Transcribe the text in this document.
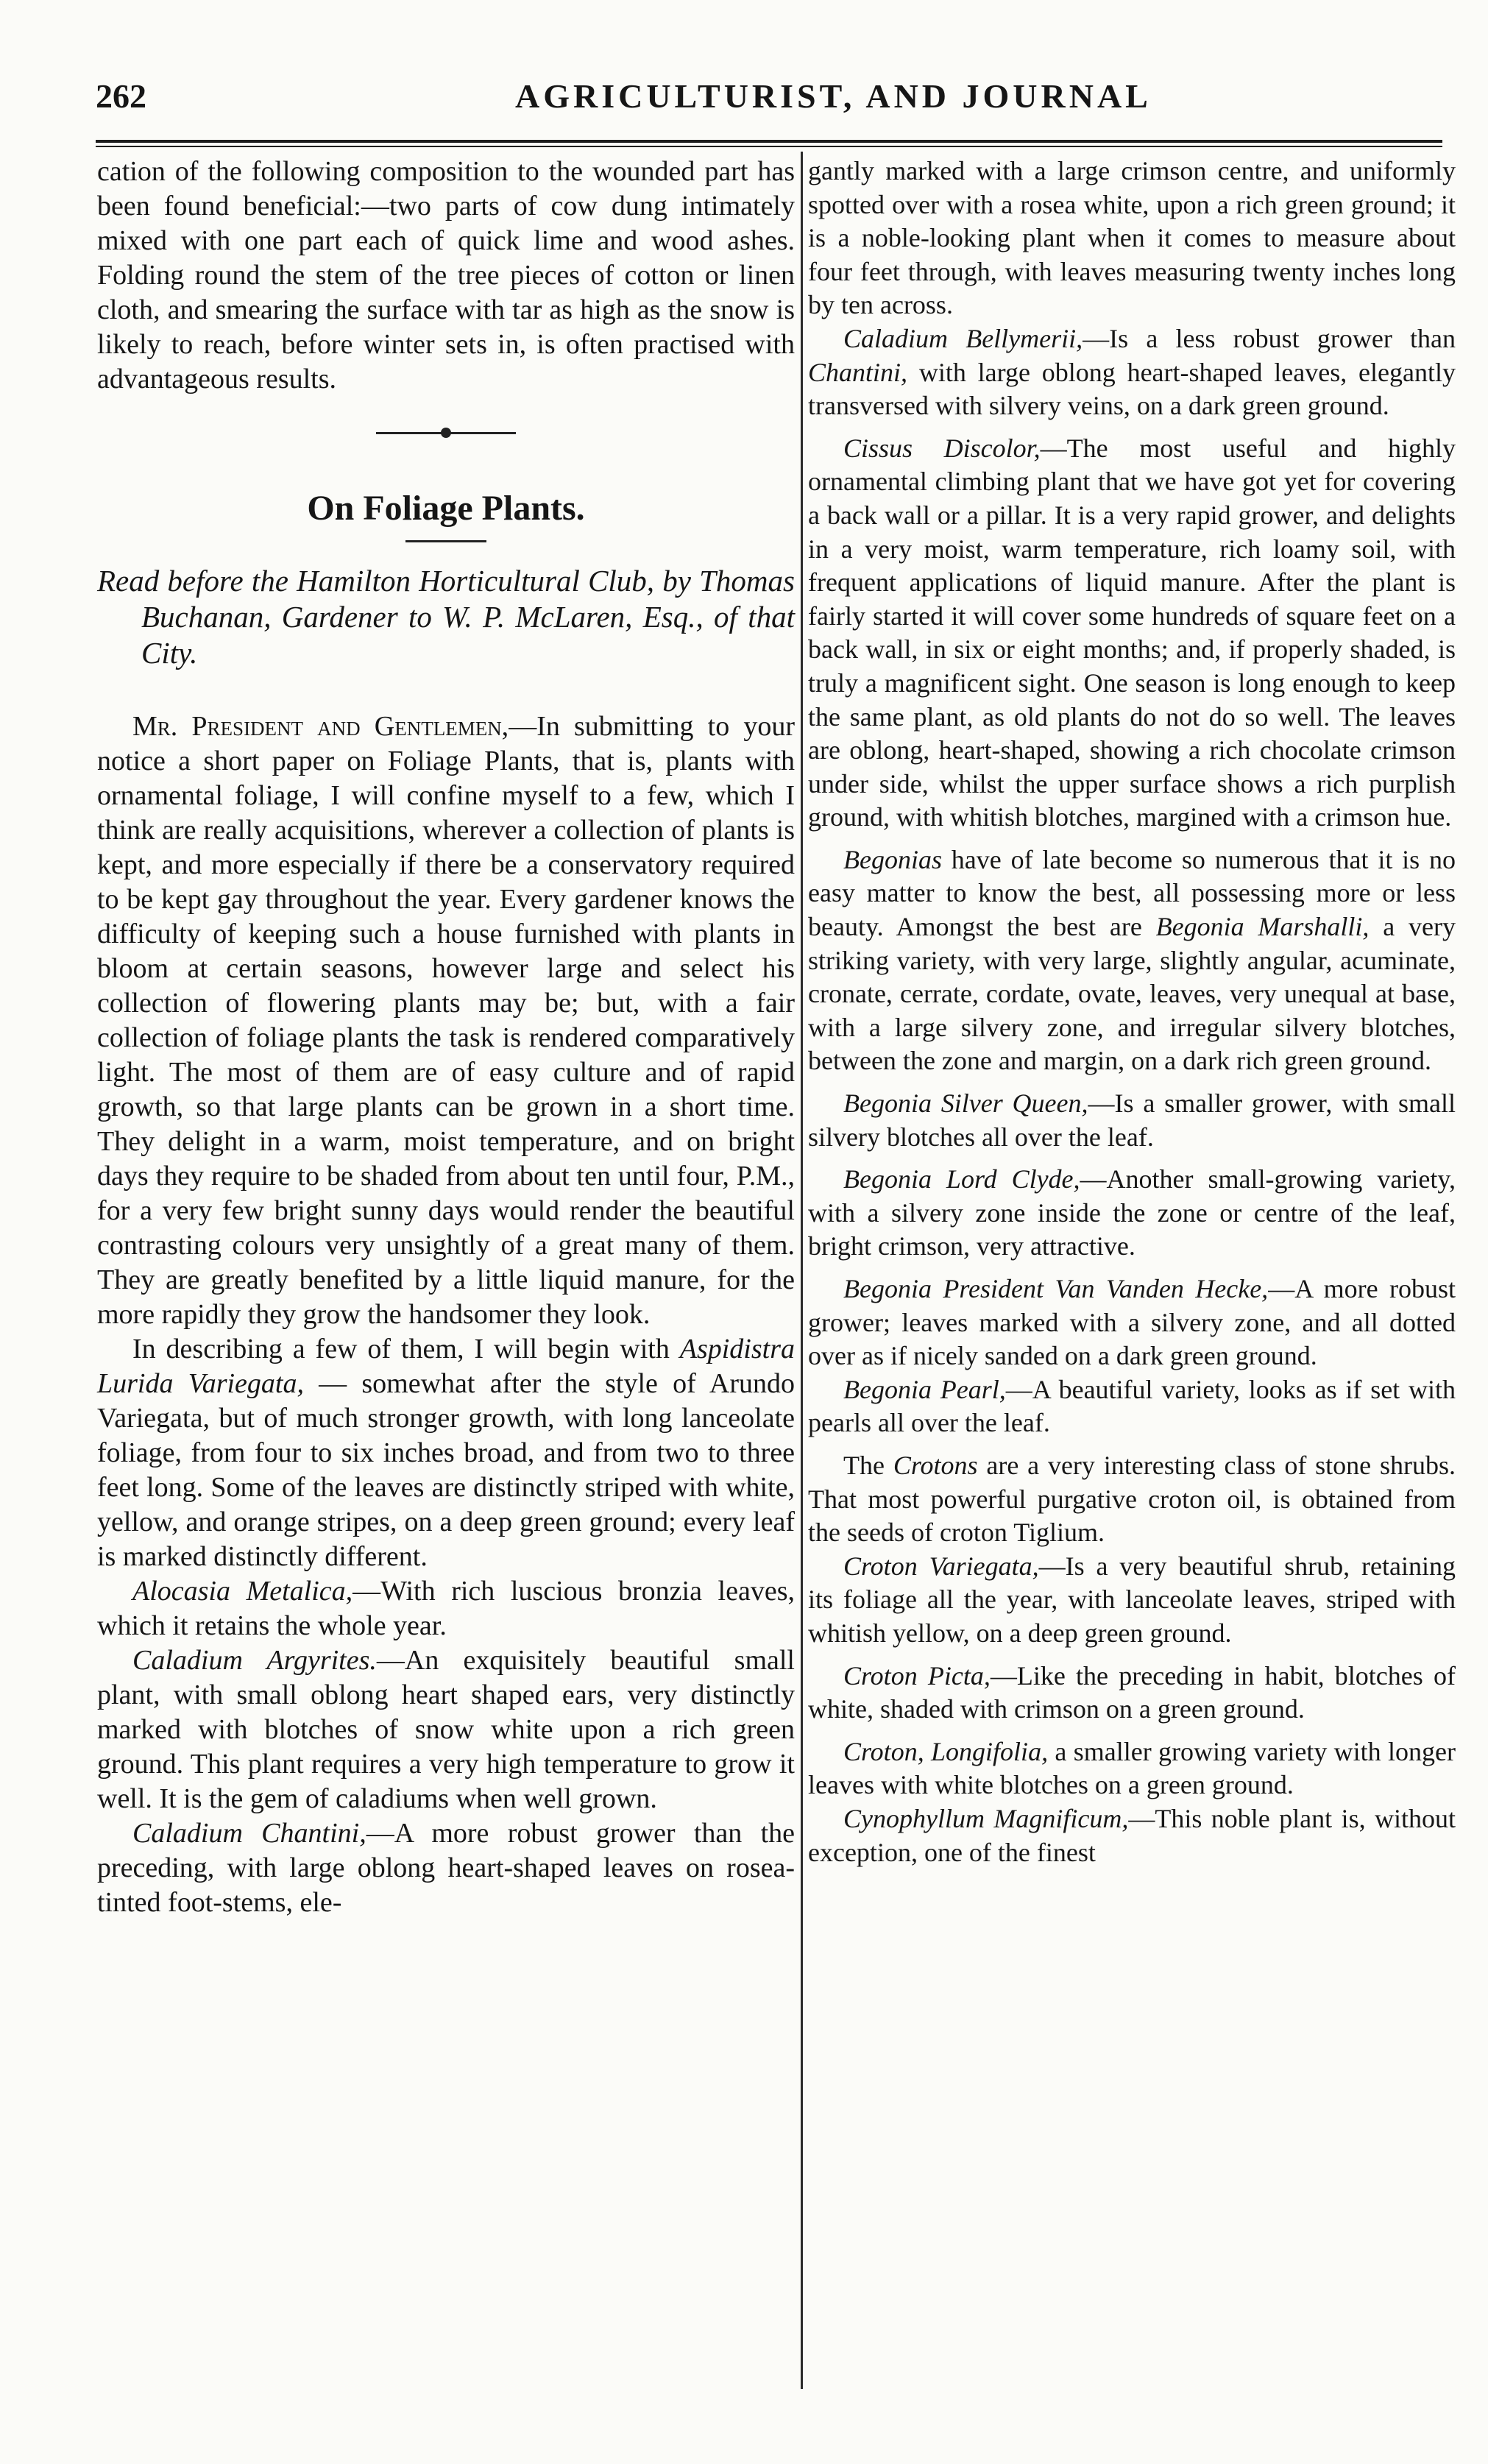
262	AGRICULTURIST, AND JOURNAL

cation of the following composition to the wounded part has been found beneficial:—two parts of cow dung intimately mixed with one part each of quick lime and wood ashes. Folding round the stem of the tree pieces of cotton or linen cloth, and smearing the surface with tar as high as the snow is likely to reach, before winter sets in, is often practised with advantageous results.

On Foliage Plants.

Read before the Hamilton Horticultural Club, by Thomas Buchanan, Gardener to W. P. McLaren, Esq., of that City.

Mr. President and Gentlemen,—In submitting to your notice a short paper on Foliage Plants, that is, plants with ornamental foliage, I will confine myself to a few, which I think are really acquisitions, wherever a collection of plants is kept, and more especially if there be a conservatory required to be kept gay throughout the year. Every gardener knows the difficulty of keeping such a house furnished with plants in bloom at certain seasons, however large and select his collection of flowering plants may be; but, with a fair collection of foliage plants the task is rendered comparatively light. The most of them are of easy culture and of rapid growth, so that large plants can be grown in a short time. They delight in a warm, moist temperature, and on bright days they require to be shaded from about ten until four, P.M., for a very few bright sunny days would render the beautiful contrasting colours very unsightly of a great many of them. They are greatly benefited by a little liquid manure, for the more rapidly they grow the handsomer they look.

In describing a few of them, I will begin with Aspidistra Lurida Variegata, — somewhat after the style of Arundo Variegata, but of much stronger growth, with long lanceolate foliage, from four to six inches broad, and from two to three feet long. Some of the leaves are distinctly striped with white, yellow, and orange stripes, on a deep green ground; every leaf is marked distinctly different.

Alocasia Metalica,—With rich luscious bronzia leaves, which it retains the whole year.

Caladium Argyrites.—An exquisitely beautiful small plant, with small oblong heart shaped ears, very distinctly marked with blotches of snow white upon a rich green ground. This plant requires a very high temperature to grow it well. It is the gem of caladiums when well grown.

Caladium Chantini,—A more robust grower than the preceding, with large oblong heart-shaped leaves on rosea-tinted foot-stems, ele-

gantly marked with a large crimson centre, and uniformly spotted over with a rosea white, upon a rich green ground; it is a noble-looking plant when it comes to measure about four feet through, with leaves measuring twenty inches long by ten across.

Caladium Bellymerii,—Is a less robust grower than Chantini, with large oblong heart-shaped leaves, elegantly transversed with silvery veins, on a dark green ground.

Cissus Discolor,—The most useful and highly ornamental climbing plant that we have got yet for covering a back wall or a pillar. It is a very rapid grower, and delights in a very moist, warm temperature, rich loamy soil, with frequent applications of liquid manure. After the plant is fairly started it will cover some hundreds of square feet on a back wall, in six or eight months; and, if properly shaded, is truly a magnificent sight. One season is long enough to keep the same plant, as old plants do not do so well. The leaves are oblong, heart-shaped, showing a rich chocolate crimson under side, whilst the upper surface shows a rich purplish ground, with whitish blotches, margined with a crimson hue.

Begonias have of late become so numerous that it is no easy matter to know the best, all possessing more or less beauty. Amongst the best are Begonia Marshalli, a very striking variety, with very large, slightly angular, acuminate, cronate, cerrate, cordate, ovate, leaves, very unequal at base, with a large silvery zone, and irregular silvery blotches, between the zone and margin, on a dark rich green ground.

Begonia Silver Queen,—Is a smaller grower, with small silvery blotches all over the leaf.

Begonia Lord Clyde,—Another small-growing variety, with a silvery zone inside the zone or centre of the leaf, bright crimson, very attractive.

Begonia President Van Vanden Hecke,—A more robust grower; leaves marked with a silvery zone, and all dotted over as if nicely sanded on a dark green ground.

Begonia Pearl,—A beautiful variety, looks as if set with pearls all over the leaf.

The Crotons are a very interesting class of stone shrubs. That most powerful purgative croton oil, is obtained from the seeds of croton Tiglium.

Croton Variegata,—Is a very beautiful shrub, retaining its foliage all the year, with lanceolate leaves, striped with whitish yellow, on a deep green ground.

Croton Picta,—Like the preceding in habit, blotches of white, shaded with crimson on a green ground.

Croton, Longifolia, a smaller growing variety with longer leaves with white blotches on a green ground.

Cynophyllum Magnificum,—This noble plant is, without exception, one of the finest
